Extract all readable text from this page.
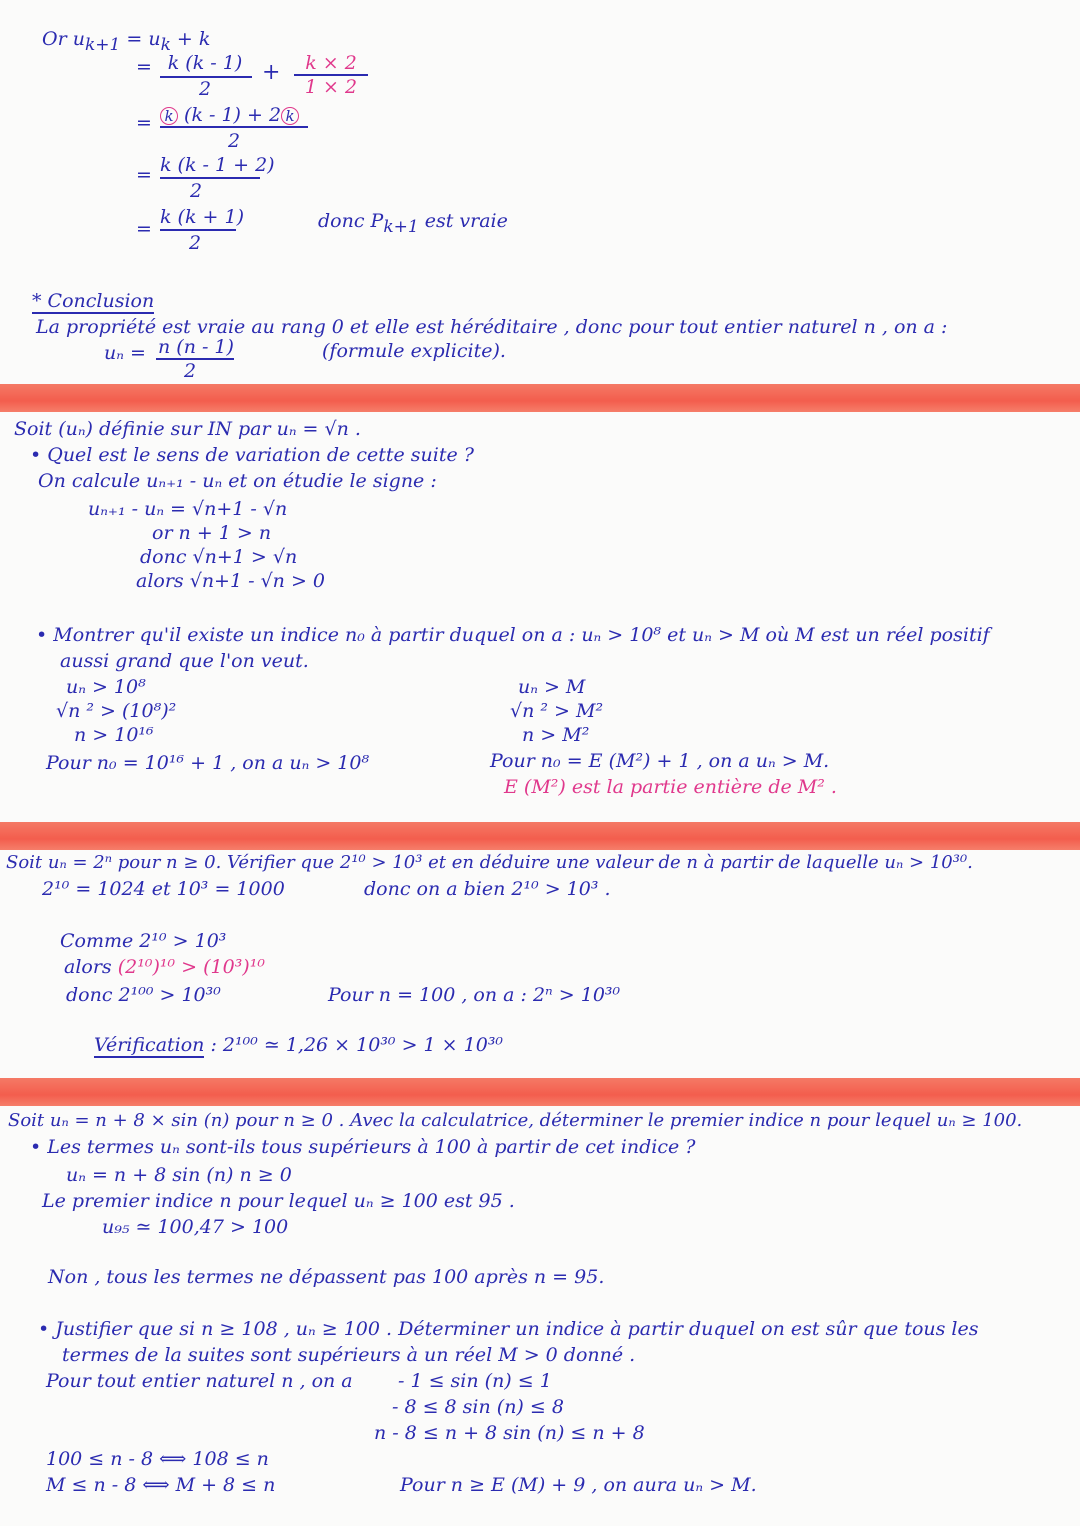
Or $u_{k+1} = u_k + k$
= k (k - 1)
2
+	k × 2
1 × 2
= k (k - 1) + 2 k
2
= k (k - 1 + 2)
2
=
k (k + 1)
2
donc $P_{k+1}$ est vraie
* Conclusion
La propriété est vraie au rang 0 et elle est héréditaire , donc pour tout entier naturel n , on a :
uₙ = n (n - 1)
2
(formule explicite).
Soit (uₙ) définie sur IN par uₙ = √n .
• Quel est le sens de variation de cette suite ?
On calcule uₙ₊₁ - uₙ et on étudie le signe :
uₙ₊₁ - uₙ = √n+1 - √n
or n + 1 > n
donc √n+1 > √n
alors √n+1 - √n > 0
• Montrer qu'il existe un indice n₀ à partir duquel on a : uₙ > 10⁸ et uₙ > M où M est un réel positif
aussi grand que l'on veut.
uₙ > 10⁸
√n ² > (10⁸)²
n > 10¹⁶
Pour n₀ = 10¹⁶ + 1 , on a uₙ > 10⁸
uₙ > M
√n ² > M²
n > M²
Pour n₀ = E (M²) + 1 , on a uₙ > M.
E (M²) est la partie entière de M² .
Soit uₙ = 2ⁿ pour n ≥ 0. Vérifier que 2¹⁰ > 10³ et en déduire une valeur de n à partir de laquelle uₙ > 10³⁰.
2¹⁰ = 1024 et 10³ = 1000	donc on a bien 2¹⁰ > 10³ .
Comme 2¹⁰ > 10³
alors (2¹⁰)¹⁰ > (10³)¹⁰
donc 2¹⁰⁰ > 10³⁰	Pour n = 100 , on a : 2ⁿ > 10³⁰
Vérification : 2¹⁰⁰ ≃ 1,26 × 10³⁰ > 1 × 10³⁰
Soit uₙ = n + 8 × sin (n) pour n ≥ 0 . Avec la calculatrice, déterminer le premier indice n pour lequel uₙ ≥ 100.
• Les termes uₙ sont-ils tous supérieurs à 100 à partir de cet indice ?
uₙ = n + 8 sin (n) n ≥ 0
Le premier indice n pour lequel uₙ ≥ 100 est 95 .
u₉₅ ≃ 100,47 > 100
Non , tous les termes ne dépassent pas 100 après n = 95.
• Justifier que si n ≥ 108 , uₙ ≥ 100 . Déterminer un indice à partir duquel on est sûr que tous les
termes de la suites sont supérieurs à un réel M > 0 donné .
Pour tout entier naturel n , on a - 1 ≤ sin (n) ≤ 1
- 8 ≤ 8 sin (n) ≤ 8
n - 8 ≤ n + 8 sin (n) ≤ n + 8
100 ≤ n - 8 ⟺ 108 ≤ n
M ≤ n - 8 ⟺ M + 8 ≤ n	Pour n ≥ E (M) + 9 , on aura uₙ > M.
